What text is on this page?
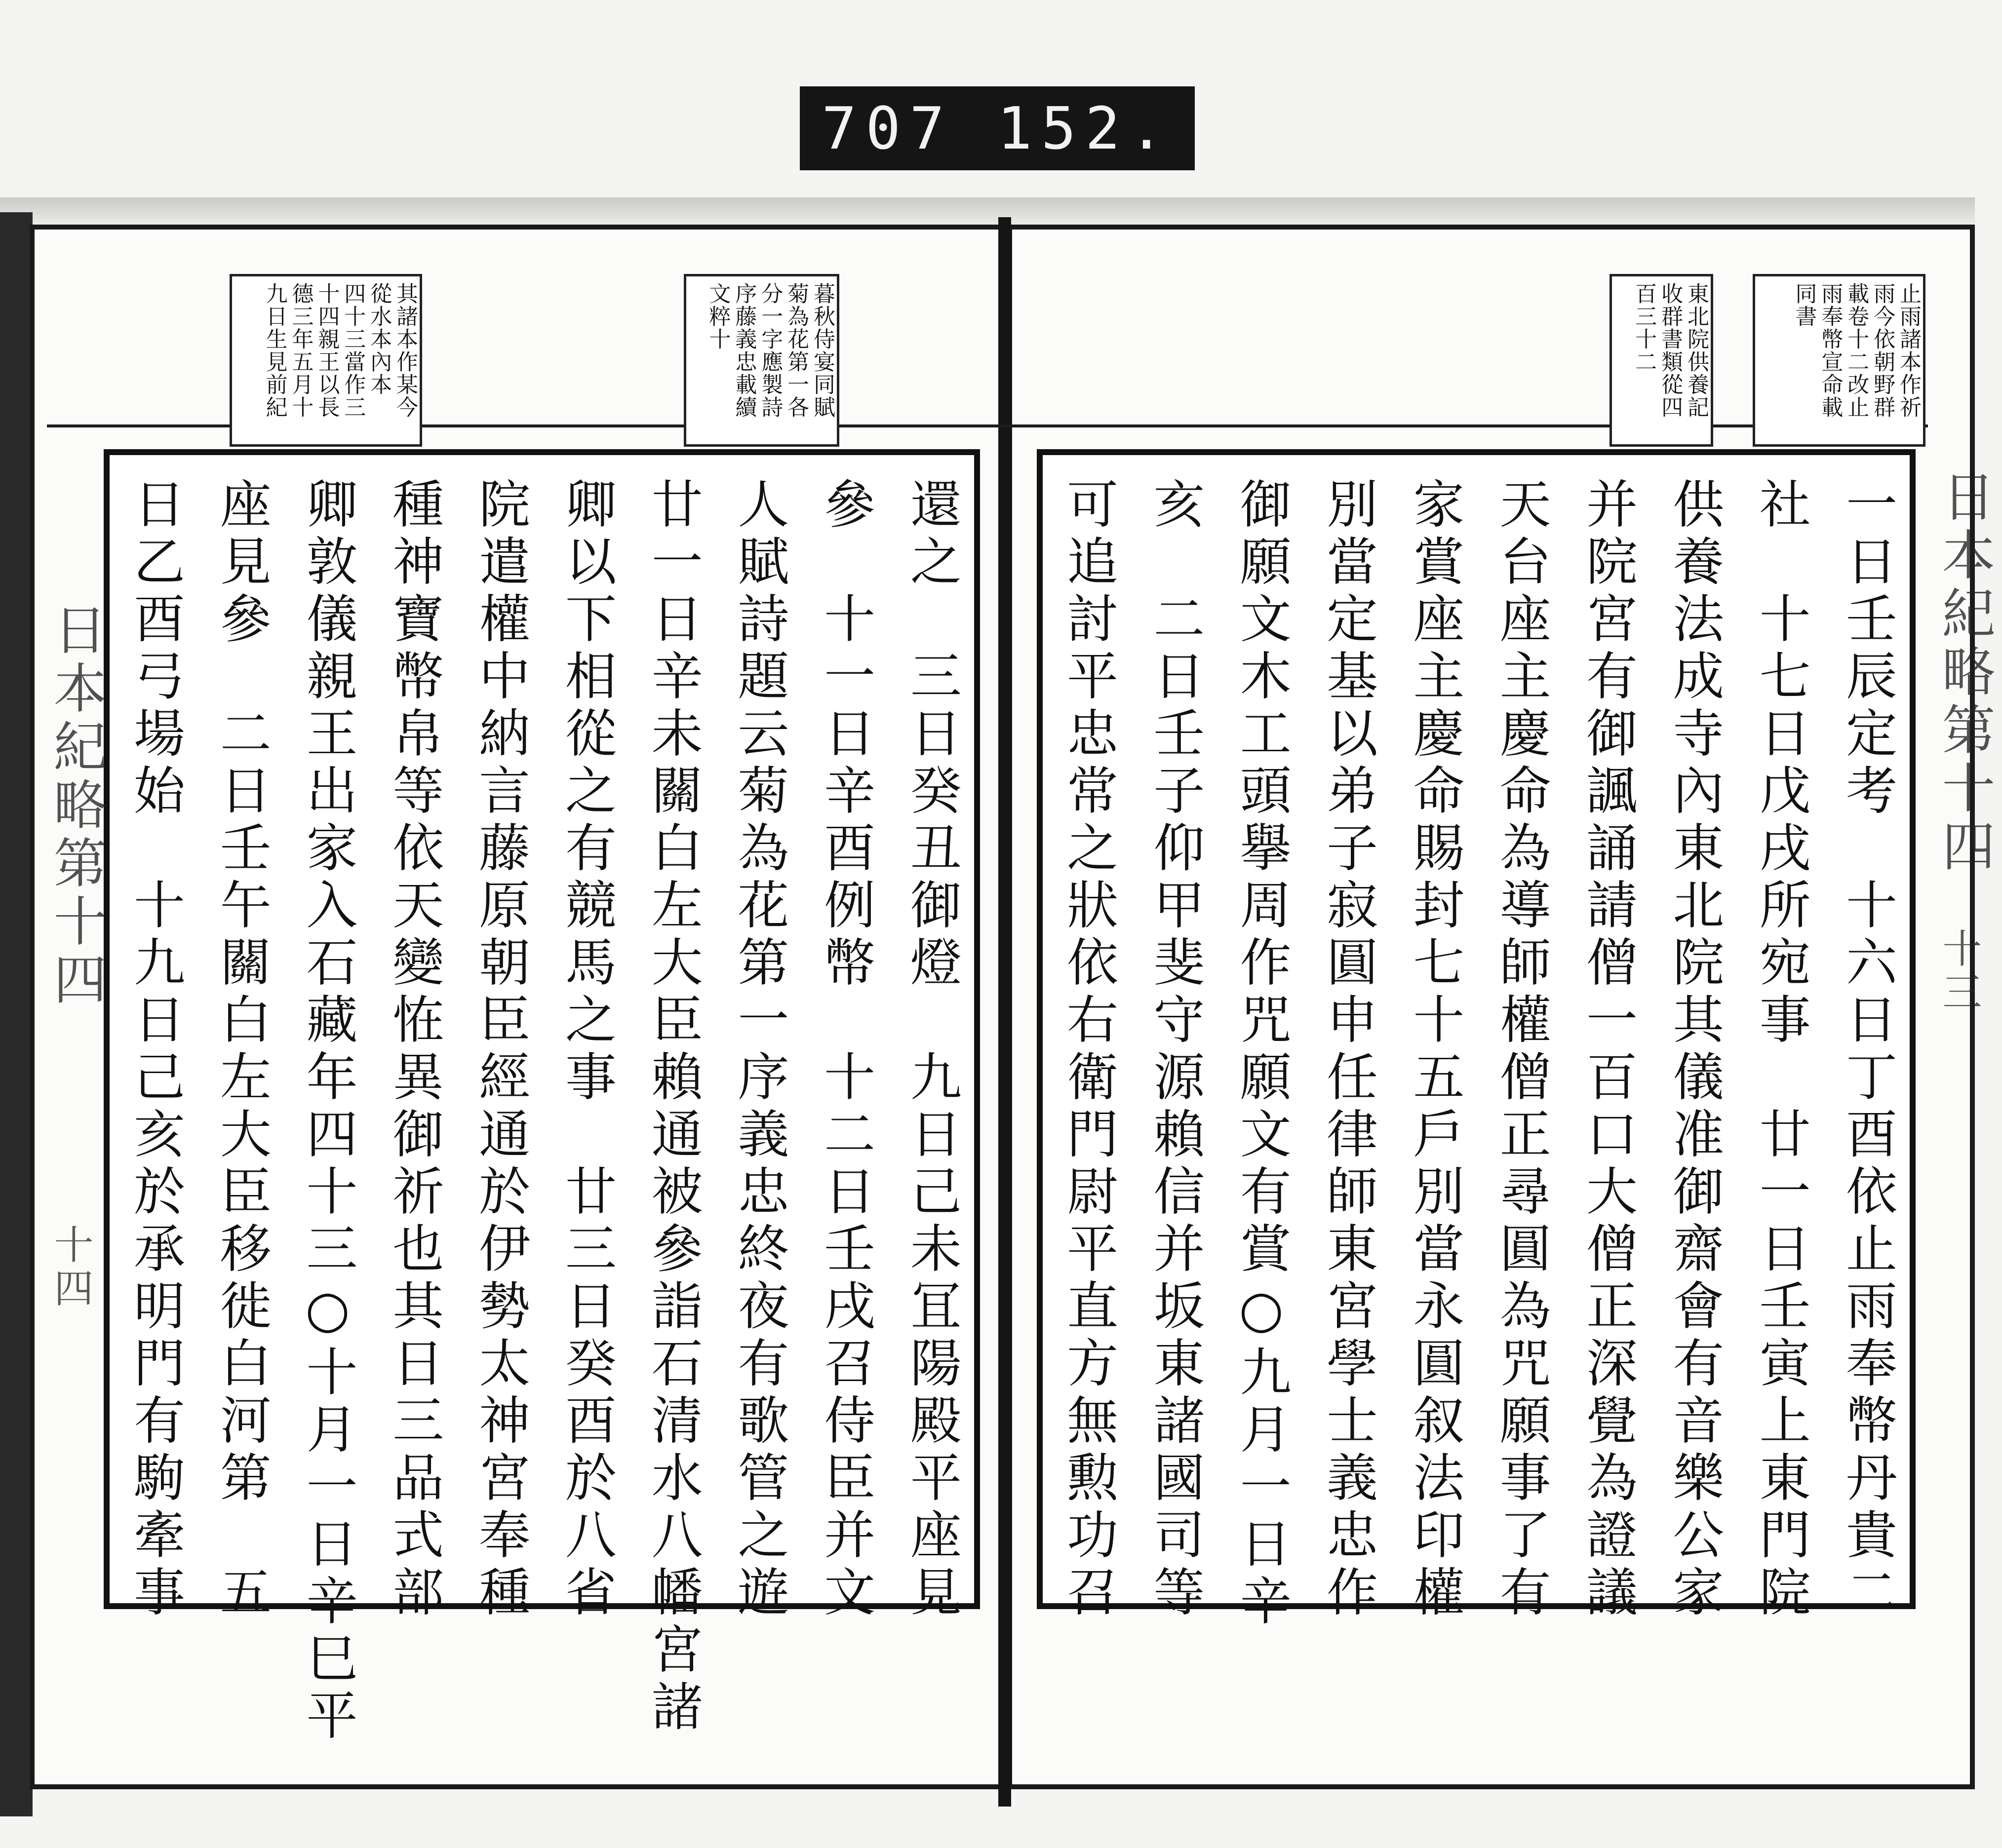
707 152.

止雨諸本作祈

雨今依朝野群

載卷十二改止

雨奉幣宣命載

同書

東北院供養記

收群書類從四

百三十二

暮秋侍宴同賦

菊為花第一各

分一字應製詩

序藤義忠載續

文粹十

其諸本作某今

從水本內本

四十三當作三

十四親王以長

德三年五月十

九日生見前紀

一日壬辰定考　十六日丁酉依止雨奉幣丹貴二

社　十七日戊戌所宛事　廿一日壬寅上東門院

供養法成寺內東北院其儀准御齋會有音樂公家

并院宮有御諷誦請僧一百口大僧正深覺為證議

天台座主慶命為導師權僧正尋圓為咒願事了有

家賞座主慶命賜封七十五戶別當永圓叙法印權

別當定基以弟子寂圓申任律師東宮學士義忠作

御願文木工頭擧周作咒願文有賞○九月一日辛

亥　二日壬子仰甲斐守源賴信并坂東諸國司等

可追討平忠常之狀依右衛門尉平直方無勲功召

還之　三日癸丑御燈　九日己未冝陽殿平座見

參　十一日辛酉例幣　十二日壬戌召侍臣并文

人賦詩題云菊為花第一序義忠終夜有歌管之遊

廿一日辛未關白左大臣賴通被參詣石清水八幡宮諸

卿以下相從之有競馬之事　廿三日癸酉於八省

院遣權中納言藤原朝臣經通於伊勢太神宮奉種

種神寶幣帛等依天變恠異御祈也其日三品式部

卿敦儀親王出家入石藏年四十三○十月一日辛巳平

座見參　二日壬午關白左大臣移徙白河第　五

日乙酉弓場始　十九日己亥於承明門有駒牽事	日本紀略第十四
十三
日本紀略第十四
十四
